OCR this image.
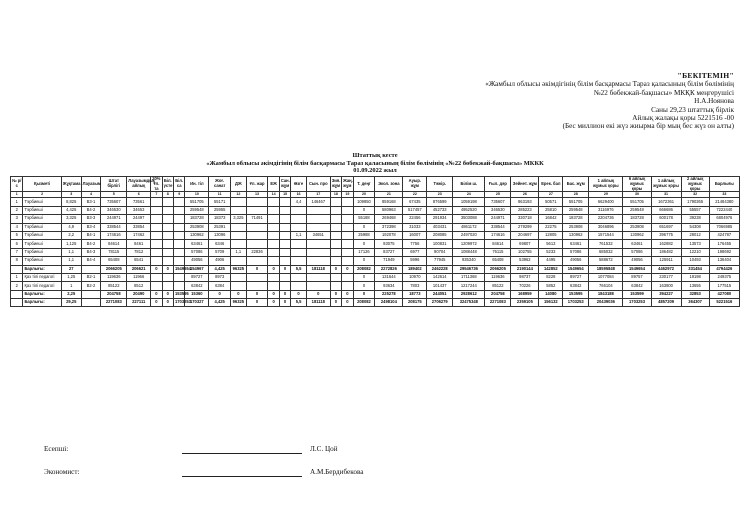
"БЕКІТЕМІН"
«Жамбыл облысы әкімдігінің білім басқармасы Тараз қаласының білім бөлімінің
№22 бөбекжай-бақшасы» МКҚК меңгерушісі
Н.А.Ноянова
Саны 29,23 штаттық бірлік
Айлық жалақы қоры 5221516 -00
(Бес миллион екі жүз жиырма бір мың бес жүз он алты)
Штаттық кесте
«Жамбыл облысы әкімдігінің білім басқармасы Тараз қаласының білім бөлімінің «№22 бөбекжай-бақшасы» МККК
01.09.2022 жыл
№ р/с	Қызметі	Жұқтама	Лауазым	Штат бірлігі	Лауазымдық айлық	20% Ұл. та	Біл. үсте	Біл. са	Ин. тіл	Жоғ. санат	ДЖ	Ұл. жар	ЕЖ	Сан. жұм	Өзге	Сын. про	Зия. жұм	Жаң. жұм	Т. деңг	Экол. зона	Ауыр. жұм	Тәжір.	Білім ш.	Ғыл. дәр	Зейнет. жұм	Ерек. бал	Бас. жұм	1 айлық жұмыс қоры	6 айлық жұмыс қоры	1 айлық жұмыс қоры	2 айлық жұмыс қоры	Барлығы
1	2	3	4	5	6	7	8	9	10	11	12	13	14	15	16	17	18	19	20	21	22	23	24	25	26	27	28	29	30	31	32	33
1	Тәрбиеші	8,825	В3-1	735607	73561				551705	55171					4,4	146467			109850	859168	67435	876599	1059198	735607	863193	50571	551705	6629400	551705	1672361	1790365	21484380
2	Тәрбиеші	4,425	В4-2	346530	34653				259548	25955									0	580963	517457	452733	4952520	346530	285223	25810	259548	3116976	259548	666686	55557	7222440
3	Тәрбиеші	3,325	В3-3	244971	24497				183728	18373	3,325	71491							55188	269468	22456	291934	3503088	244971	330718	16842	183728	2204736	183728	600178	39238	6804976
4	Тәрбиеші	4,9	В3-4	338544	33854				253908	25391									0	372398	31033	403431	4861172	338544	279299	22275	253908	3046896	253908	651697	54308	7066985
5	Тәрбиеші	2,2	В4-1	174616	17462				130962	13096					1,1	34651			25988	192078	16007	208085	2497020	174616	204697	12805	130962	1571544	130962	396775	28012	424787
6	Тәрбиеші	1,125	В4-2	84614	8461				63461	6346									0	93075	7756	100831	1209972	84614	69807	5613	63461	761532	63461	162882	13573	176455
7	Тәрбиеші	1,1	В4-3	78115	7812				57086	5709	1,1	22836							17126	83727	6977	90704	1088448	76115	102755	5233	57086	685032	57086	186482	12210	198692
8	Тәрбиеші	1,1	В4-4	65408	6541				49056	4906									0	71949	5996	77945	935340	65408	53962	4495	49056	588672	49056	125911	10493	136404
	Барлығы:	27		2066205	206621	0	0	1549654	154967	4,425	96325	0	0	0	5,5	181118	0	0	208082	2272826	189402	2462228	29546736	2066205	2190144	142852	1549654	18595848	1549654	4462972	331454	4794426
1	Қаз тілі педагогі	1,25	В2-1	119636	11966				89727	8973									0	131644	10970	142614	1711368	119636	98737	8228	89727	1077084	89757	230177	19198	249375
2	Қаз тілі педагогі	1	В2-2	85122	8512				63842	6384									0	93634	7803	101437	1217244	85122	70226	5852	63842	766104	63842	163800	13655	177515
	Барлығы:	2,25		204758	20490	0	0	153595	15360	0	0	0	0	0	0	0	0	0	0	225278	18773	244051	2928612	204758	168959	14080	153595	1843188	153599	394227	32853	427080
	Барлығы:	29,25		2271083	227111	0	0	1703253	170327	4,425	96325	0	0	0	5,5	181118	0	0	208082	2498104	208175	2706279	32475348	2271083	2359105	156132	1703253	20439036	1703253	4857209	364307	5221516
Есепші:	Л.С. Цой
Экономист:	А.М.Бердибекова
